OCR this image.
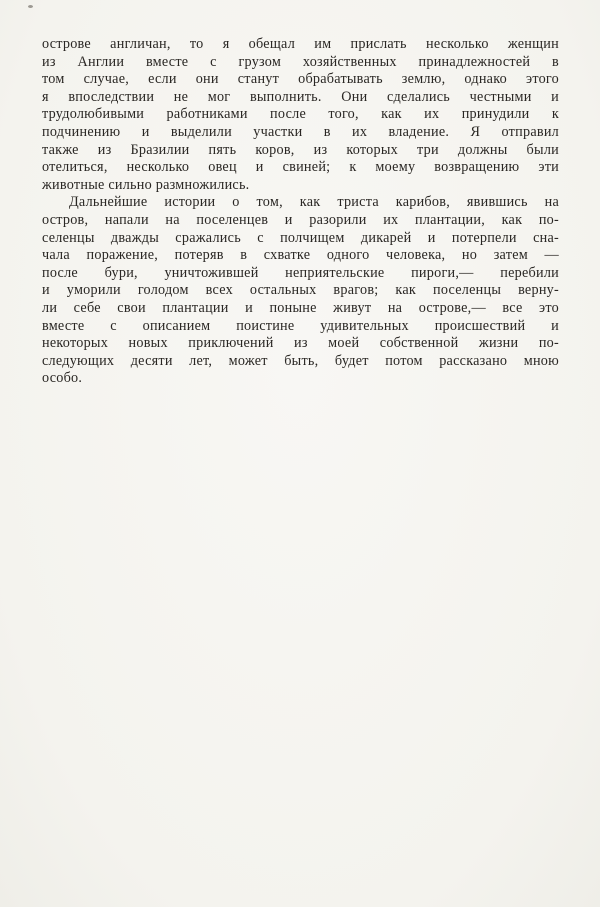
острове англичан, то я обещал им прислать несколько женщин
из Англии вместе с грузом хозяйственных принадлежностей в
том случае, если они станут обрабатывать землю, однако этого
я впоследствии не мог выполнить. Они сделались честными и
трудолюбивыми работниками после того, как их принудили к
подчинению и выделили участки в их владение. Я отправил
также из Бразилии пять коров, из которых три должны были
отелиться, несколько овец и свиней; к моему возвращению эти
животные сильно размножились.
Дальнейшие истории о том, как триста карибов, явившись на
остров, напали на поселенцев и разорили их плантации, как по-
селенцы дважды сражались с полчищем дикарей и потерпели сна-
чала поражение, потеряв в схватке одного человека, но затем —
после бури, уничтожившей неприятельские пироги,— перебили
и уморили голодом всех остальных врагов; как поселенцы верну-
ли себе свои плантации и поныне живут на острове,— все это
вместе с описанием поистине удивительных происшествий и
некоторых новых приключений из моей собственной жизни по-
следующих десяти лет, может быть, будет потом рассказано мною
особо.
